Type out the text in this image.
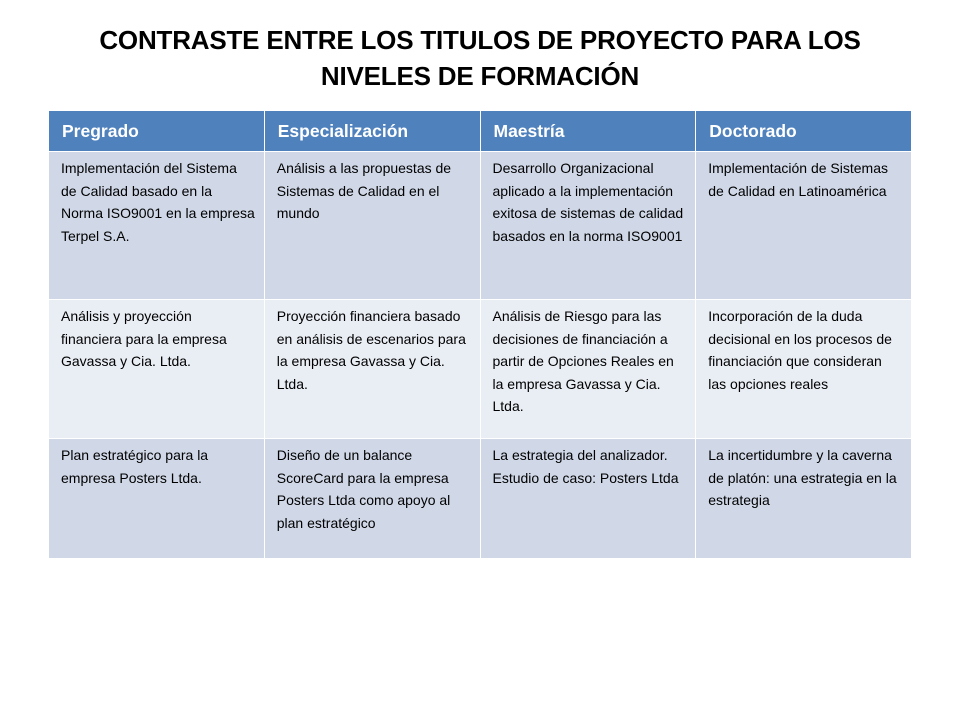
CONTRASTE ENTRE LOS TITULOS DE PROYECTO PARA LOS
NIVELES DE FORMACIÓN
Pregrado	Especialización	Maestría	Doctorado
Implementación del Sistema de Calidad basado en la Norma ISO9001 en la empresa Terpel S.A.	Análisis a las propuestas de Sistemas de Calidad en el mundo	Desarrollo Organizacional aplicado a la implementación exitosa de sistemas de calidad basados en la norma ISO9001	Implementación de Sistemas de Calidad en Latinoamérica
Análisis y proyección financiera para la empresa Gavassa y Cia. Ltda.	Proyección financiera basado en análisis de escenarios para la empresa Gavassa y Cia. Ltda.	Análisis de Riesgo para las decisiones de financiación a partir de Opciones Reales en la empresa Gavassa y Cia. Ltda.	Incorporación de la duda decisional en los procesos de financiación que consideran las opciones reales
Plan estratégico para la empresa Posters Ltda.	Diseño de un balance ScoreCard para la empresa Posters Ltda como apoyo al plan estratégico	La estrategia del analizador. Estudio de caso: Posters Ltda	La incertidumbre y la caverna de platón: una estrategia en la estrategia
